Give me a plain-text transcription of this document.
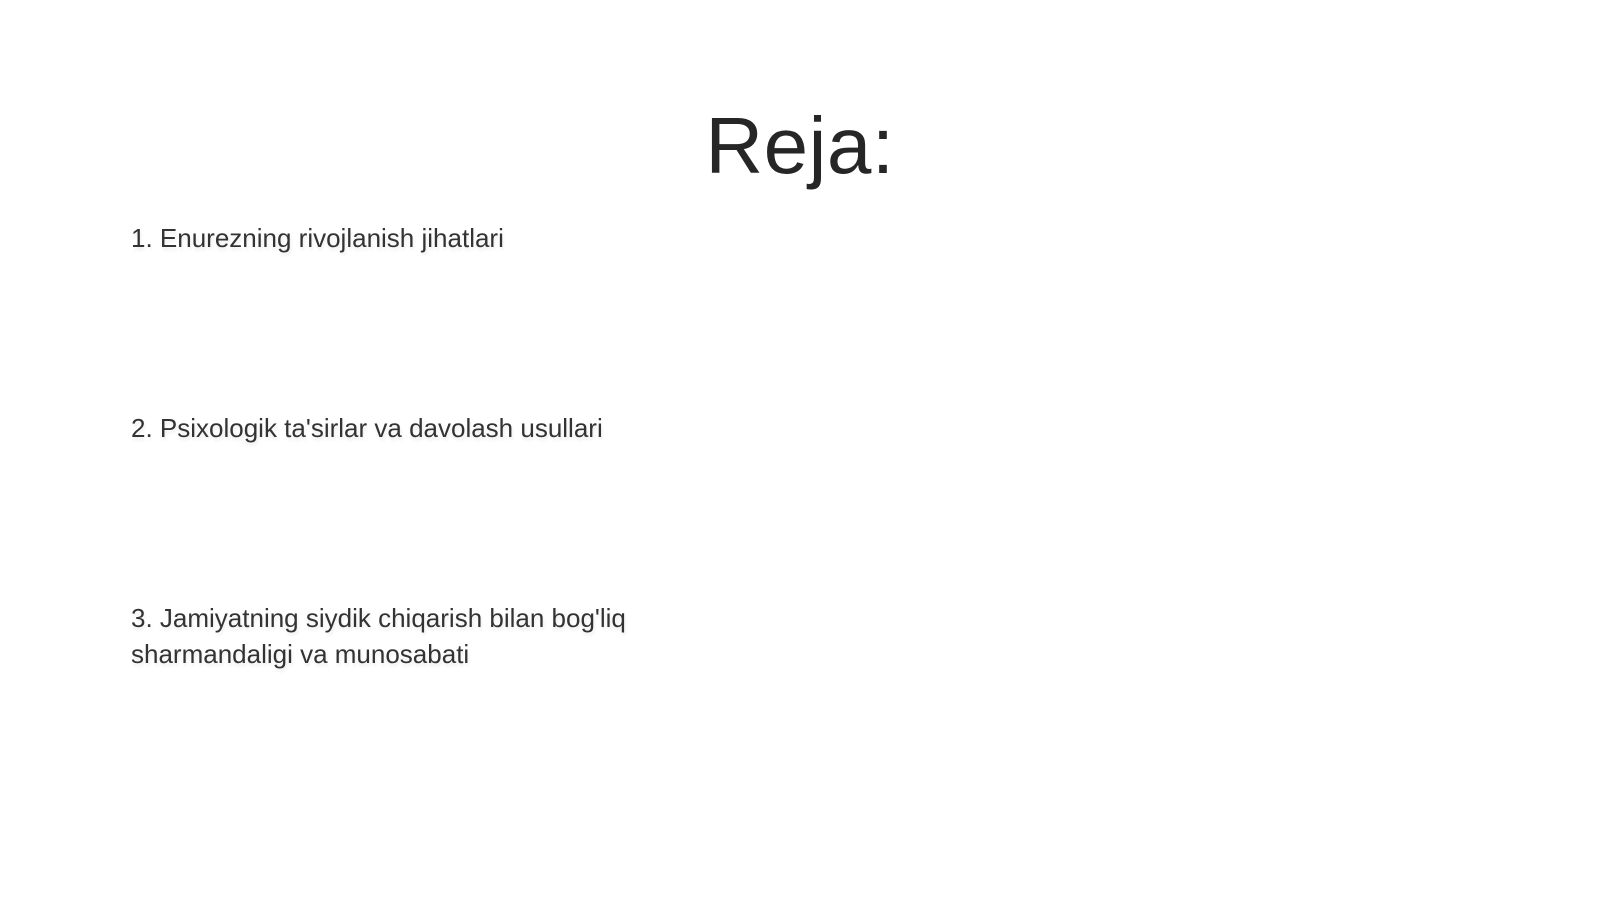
Reja:
1. Enurezning rivojlanish jihatlari
2. Psixologik ta'sirlar va davolash usullari
3. Jamiyatning siydik chiqarish bilan bog'liq sharmandaligi va munosabati
